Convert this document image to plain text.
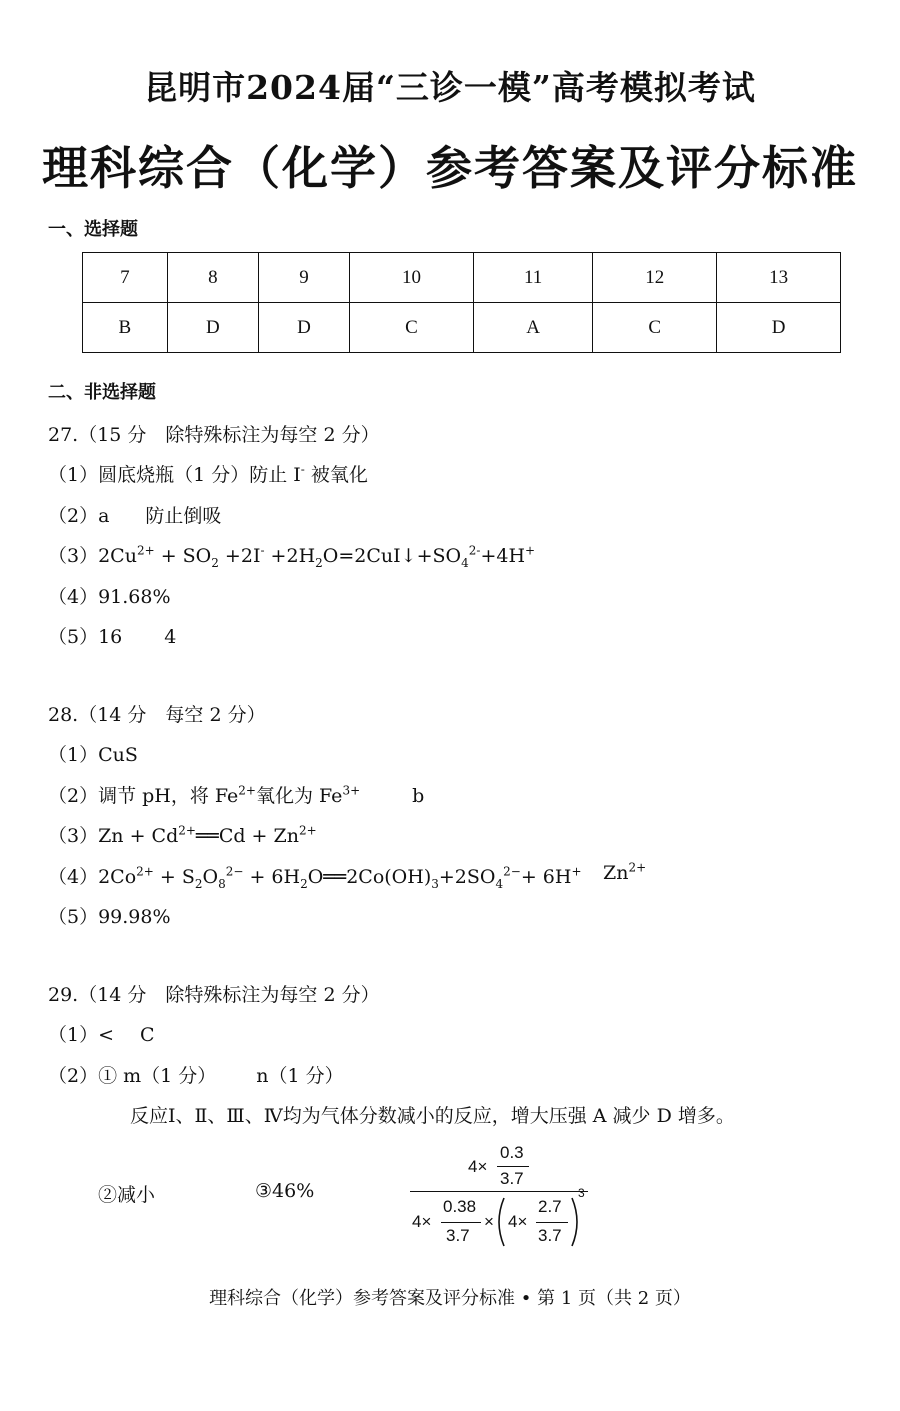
昆明市2024届“三诊一模”高考模拟考试
理科综合（化学）参考答案及评分标准
一、选择题
7	8	9	10	11	12	13
B	D	D	C	A	C	D
二、非选择题
27.（15 分　除特殊标注为每空 2 分）
（1）圆底烧瓶（1 分）防止 I- 被氧化
（2）a 防止倒吸
$(3)2Cu^{2+} + SO_2 +2I^-$ $+2H_2O=2CuI↓+SO_4^{2-}+4H^+$
（4）91.68%
（5）16 4
28.（14 分　每空 2 分）
（1）CuS
（2）调节 pH，将 $Fe^{2+}$氧化为 $Fe^{3+}$	b
$(3)Zn + Cd^{2+}══Cd + Zn^{2+}$
$(4)2Co^{2+} + S_2O_8^{2-}$ + $6H_2O══2Co(OH)_3+2SO_4^{2-}+ 6H^+$ $Zn^{2+}$
（5）99.98%
29.（14 分　除特殊标注为每空 2 分）
（1）< C
（2）① m（1 分） n（1 分）
反应Ⅰ、Ⅱ、Ⅲ、Ⅳ均为气体分数减小的反应，增大压强 A 减少 D 增多。
②减小	③46%
4×
0.3
3.7
4×
0.38
3.7
× 4×
2.7
3.7
3
理科综合（化学）参考答案及评分标准 • 第 1 页（共 2 页）
